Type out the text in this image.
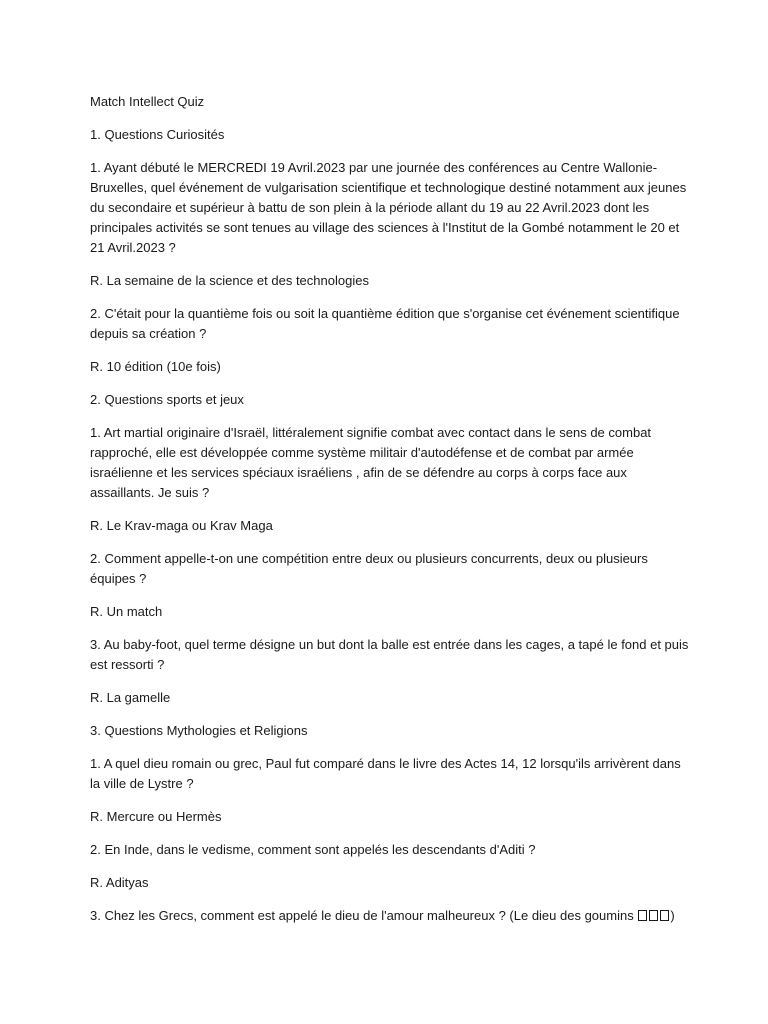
Match Intellect Quiz

1. Questions Curiosités

1. Ayant débuté le MERCREDI 19 Avril.2023 par une journée des conférences au Centre Wallonie-Bruxelles, quel événement de vulgarisation scientifique et technologique destiné notamment aux jeunes du secondaire et supérieur à battu de son plein à la période allant du 19 au 22 Avril.2023 dont les principales activités se sont tenues au village des sciences à l'Institut de la Gombé notamment le 20 et 21 Avril.2023 ?

R. La semaine de la science et des technologies

2. C'était pour la quantième fois ou soit la quantième édition que s'organise cet événement scientifique depuis sa création ?

R. 10 édition (10e fois)

2. Questions sports et jeux

1. Art martial originaire d'Israël, littéralement signifie combat avec contact dans le sens de combat rapproché, elle est développée comme système militair d'autodéfense et de combat par armée israélienne et les services spéciaux israéliens , afin de se défendre au corps à corps face aux assaillants. Je suis ?

R. Le Krav-maga ou Krav Maga

2. Comment appelle-t-on une compétition entre deux ou plusieurs concurrents, deux ou plusieurs équipes ?

R. Un match

3. Au baby-foot, quel terme désigne un but dont la balle est entrée dans les cages, a tapé le fond et puis est ressorti ?

R. La gamelle

3. Questions Mythologies et Religions

1. A quel dieu romain ou grec, Paul fut comparé dans le livre des Actes 14, 12 lorsqu'ils arrivèrent dans la ville de Lystre ?

R. Mercure ou Hermès

2. En Inde, dans le vedisme, comment sont appelés les descendants d'Aditi ?

R. Adityas

3. Chez les Grecs, comment est appelé le dieu de l'amour malheureux ? (Le dieu des goumins	)
